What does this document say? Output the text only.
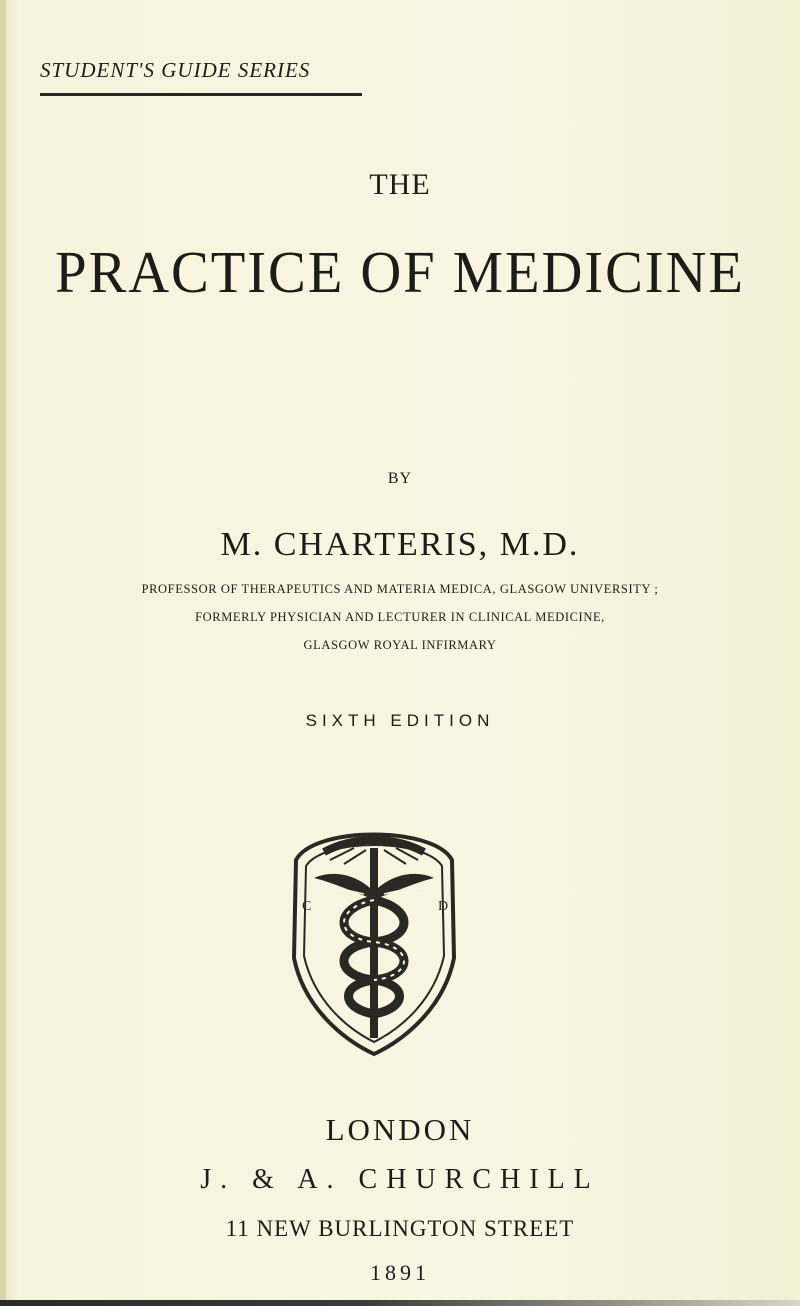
STUDENT'S GUIDE SERIES
THE
PRACTICE OF MEDICINE
BY
M. CHARTERIS, M.D.
PROFESSOR OF THERAPEUTICS AND MATERIA MEDICA, GLASGOW UNIVERSITY ;
FORMERLY PHYSICIAN AND LECTURER IN CLINICAL MEDICINE,
GLASGOW ROYAL INFIRMARY
SIXTH EDITION
C	D
LONDON
J. & A. CHURCHILL
11 NEW BURLINGTON STREET
1891
